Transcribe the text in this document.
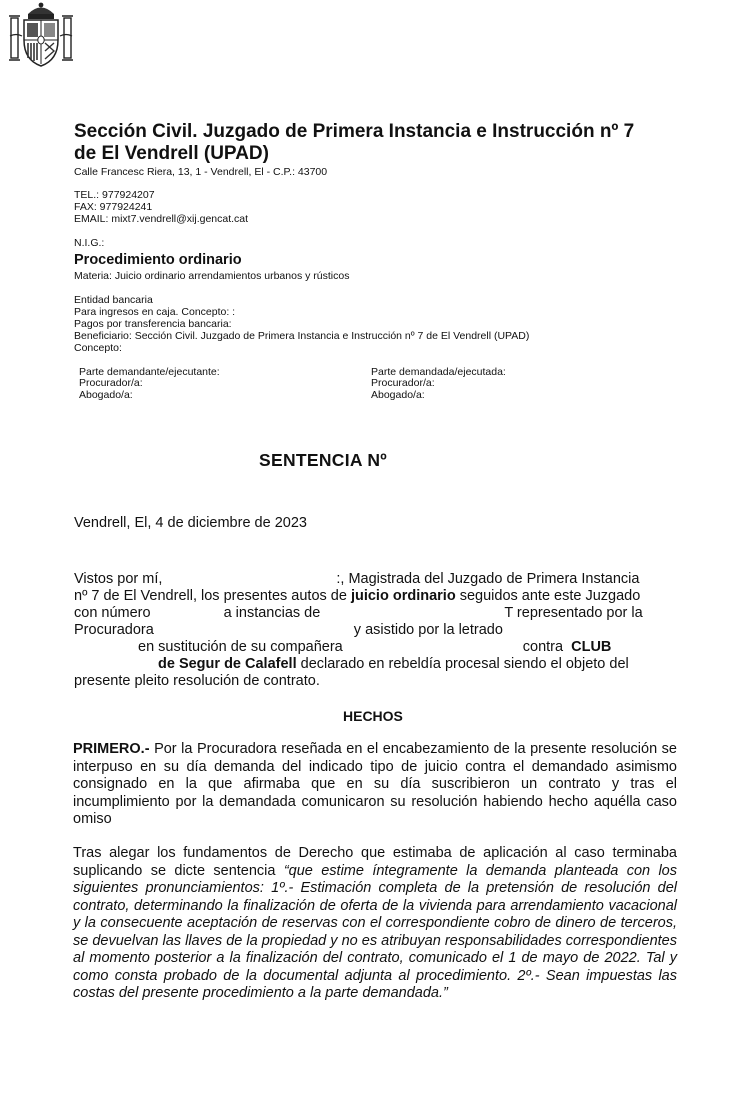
Sección Civil. Juzgado de Primera Instancia e Instrucción nº 7
de El Vendrell (UPAD)
Calle Francesc Riera, 13, 1 - Vendrell, El - C.P.: 43700
TEL.: 977924207
FAX: 977924241
EMAIL: mixt7.vendrell@xij.gencat.cat
N.I.G.:
Procedimiento ordinario
Materia: Juicio ordinario arrendamientos urbanos y rústicos
Entidad bancaria
Para ingresos en caja. Concepto: :
Pagos por transferencia bancaria:
Beneficiario: Sección Civil. Juzgado de Primera Instancia e Instrucción nº 7 de El Vendrell (UPAD)
Concepto:
Parte demandante/ejecutante:
Procurador/a:
Abogado/a:
Parte demandada/ejecutada:
Procurador/a:
Abogado/a:
SENTENCIA Nº
Vendrell, El, 4 de diciembre de 2023
Vistos por mí,	:, Magistrada del Juzgado de Primera Instancia
nº 7 de El Vendrell, los presentes autos de juicio ordinario seguidos ante este Juzgado
con número	a instancias de	T representado por la
Procuradora	y asistido por la letrado
en sustitución de su compañera	contra CLUB
de Segur de Calafell declarado en rebeldía procesal siendo el objeto del
presente pleito resolución de contrato.
HECHOS
PRIMERO.- Por la Procuradora reseñada en el encabezamiento de la presente resolución se interpuso en su día demanda del indicado tipo de juicio contra el demandado asimismo consignado en la que afirmaba que en su día suscribieron un contrato y tras el incumplimiento por la demandada comunicaron su resolución habiendo hecho aquélla caso omiso
Tras alegar los fundamentos de Derecho que estimaba de aplicación al caso terminaba suplicando se dicte sentencia “que estime íntegramente la demanda planteada con los siguientes pronunciamientos: 1º.- Estimación completa de la pretensión de resolución del contrato, determinando la finalización de oferta de la vivienda para arrendamiento vacacional y la consecuente aceptación de reservas con el correspondiente cobro de dinero de terceros, se devuelvan las llaves de la propiedad y no es atribuyan responsabilidades correspondientes al momento posterior a la finalización del contrato, comunicado el 1 de mayo de 2022. Tal y como consta probado de la documental adjunta al procedimiento. 2º.- Sean impuestas las costas del presente procedimiento a la parte demandada.”
